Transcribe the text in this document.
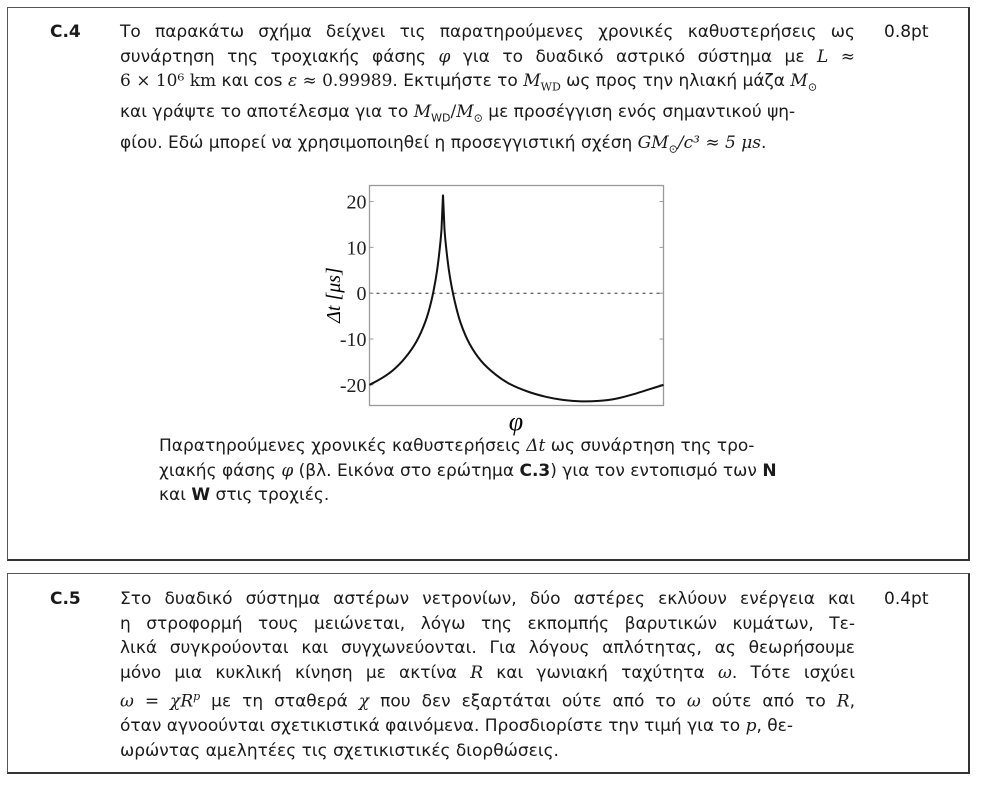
C.4	0.8pt
Το παρακάτω σχήμα δείχνει τις παρατηρούμενες χρονικές καθυστερήσεις ως
συνάρτηση της τροχιακής φάσης φ για το δυαδικό αστρικό σύστημα με L ≈
6 × 10⁶ km και cos ε ≈ 0.99989. Εκτιμήστε το $M_{WD}$ ως προς την ηλιακή μάζα $M_⊙$
και γράψτε το αποτέλεσμα για το $M_{WD}/M_⊙$ με προσέγγιση ενός σημαντικού ψη-
φίου. Εδώ μπορεί να χρησιμοποιηθεί η προσεγγιστική σχέση $GM_⊙/c^3 \approx 5$ μs.
20
10
0
-10
-20
φ
Δt [μs]
Παρατηρούμενες χρονικές καθυστερήσεις Δt ως συνάρτηση της τρο-
χιακής φάσης φ (βλ. Εικόνα στο ερώτημα C.3) για τον εντοπισμό των N
και W στις τροχιές.
C.5	0.4pt
Στο δυαδικό σύστημα αστέρων νετρονίων, δύο αστέρες εκλύουν ενέργεια και
η στροφορμή τους μειώνεται, λόγω της εκπομπής βαρυτικών κυμάτων, Τε-
λικά συγκρούονται και συγχωνεύονται. Για λόγους απλότητας, ας θεωρήσουμε
μόνο μια κυκλική κίνηση με ακτίνα R και γωνιακή ταχύτητα ω. Τότε ισχύει
$\omega = \chi R^p$ με τη σταθερά χ που δεν εξαρτάται ούτε από το ω ούτε από το R,
όταν αγνοούνται σχετικιστικά φαινόμενα. Προσδιορίστε την τιμή για το p, θε-
ωρώντας αμελητέες τις σχετικιστικές διορθώσεις.
